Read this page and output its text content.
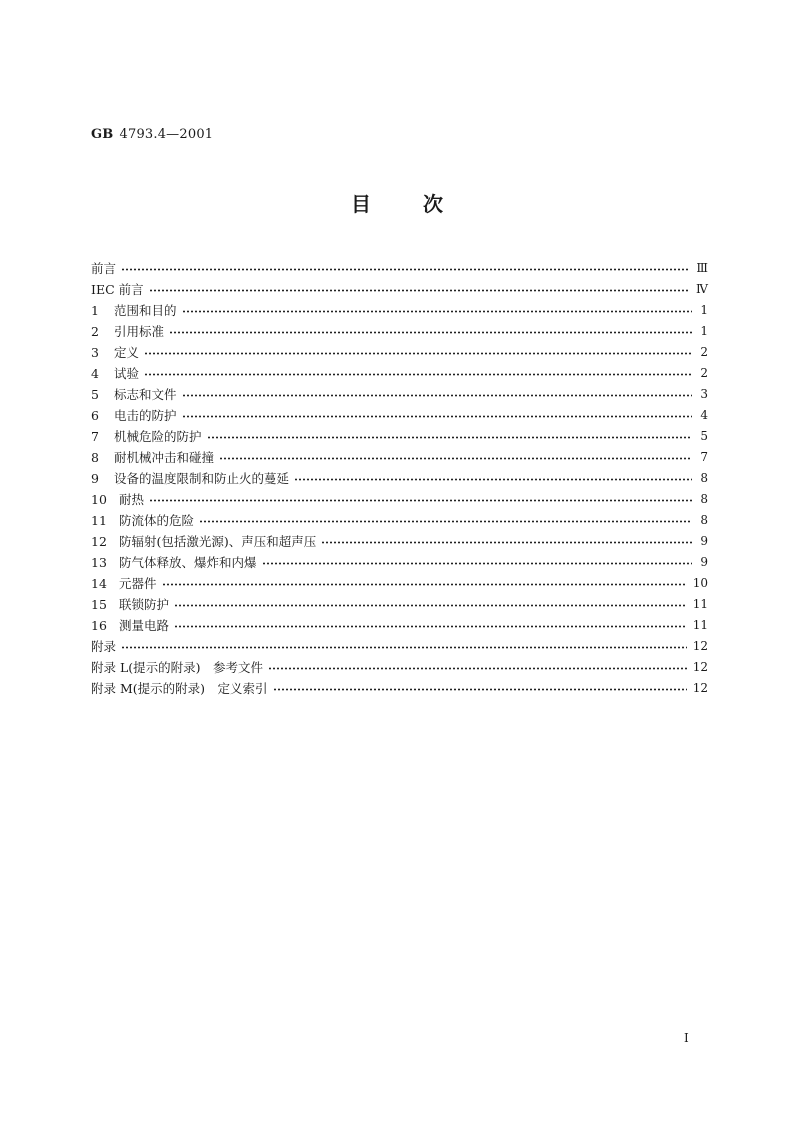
GB 4793.4—2001
目次
前言	Ⅲ
IEC 前言	Ⅳ
1	范围和目的	1
2	引用标准	1
3	定义	2
4	试验	2
5	标志和文件	3
6	电击的防护	4
7	机械危险的防护	5
8	耐机械冲击和碰撞	7
9	设备的温度限制和防止火的蔓延	8
10 耐热	8
11 防流体的危险	8
12 防辐射(包括激光源)、声压和超声压	9
13 防气体释放、爆炸和内爆	9
14 元器件	10
15 联锁防护	11
16 测量电路	11
附录	12
附录 L(提示的附录)　参考文件	12
附录 M(提示的附录)　定义索引	12
I
